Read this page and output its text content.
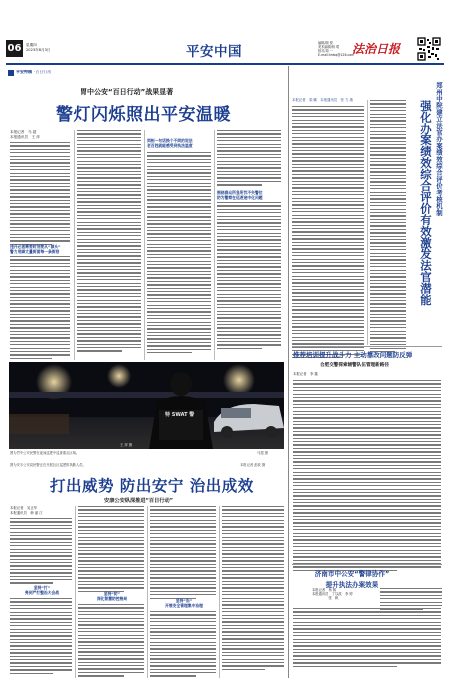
06	星期四
2023年8月3日	平安中国
编辑/顾 悦
美术编辑/杨 珺
校对/周 一
E-mail:fzrbq@126.com
法治日报
平安特稿 ·百日行动
胃中公安“百日行动”战果显著
警灯闪烁照出平安温暖
本报记者　马 超
本报通讯员　王 萍
违开必惩需要时刻要从“源头”
警力用脚丈量街面每一条街巷
同相一句话换个不同的说法
老百姓就能感受到执法温度
围绕群众所急所忧不失警位
防为警察在巡逻途中化问题
特 SWAT 警
图为胃中公安民警在夜间巡逻中巡查重点区域。
王 萍 摄
马超 摄
本报记者　梁 鹏　本报通讯员　张 力 康	郑州中院建立法官办案绩效综合评价考核机制
强化办案绩效综合评价有效激发法官潜能
推荐培训提升战斗力 主动靠改问题防反弹
合肥交警探索辅警队伍管理新路径
本报记者　李 鑫
济南市中公安“警律协作”
提升执法办案效果
本报记者　杨 鹤
本报通讯员　丁以波　李 婷
　　　　　张　帆
图为安丰公安局民警正在开展社区巡逻的执勤人员。	本报记者 彭波 摄
打出威势 防出安宁 治出成效
安康公安纵深推进“百日行动”
本报记者　吴正华
本报通讯员　韩 丽 江
坚持“打”
亮剑严打整治大会战	坚持“防”
深化智慧防控格局	坚持“治”
开展安全管理集中治理
